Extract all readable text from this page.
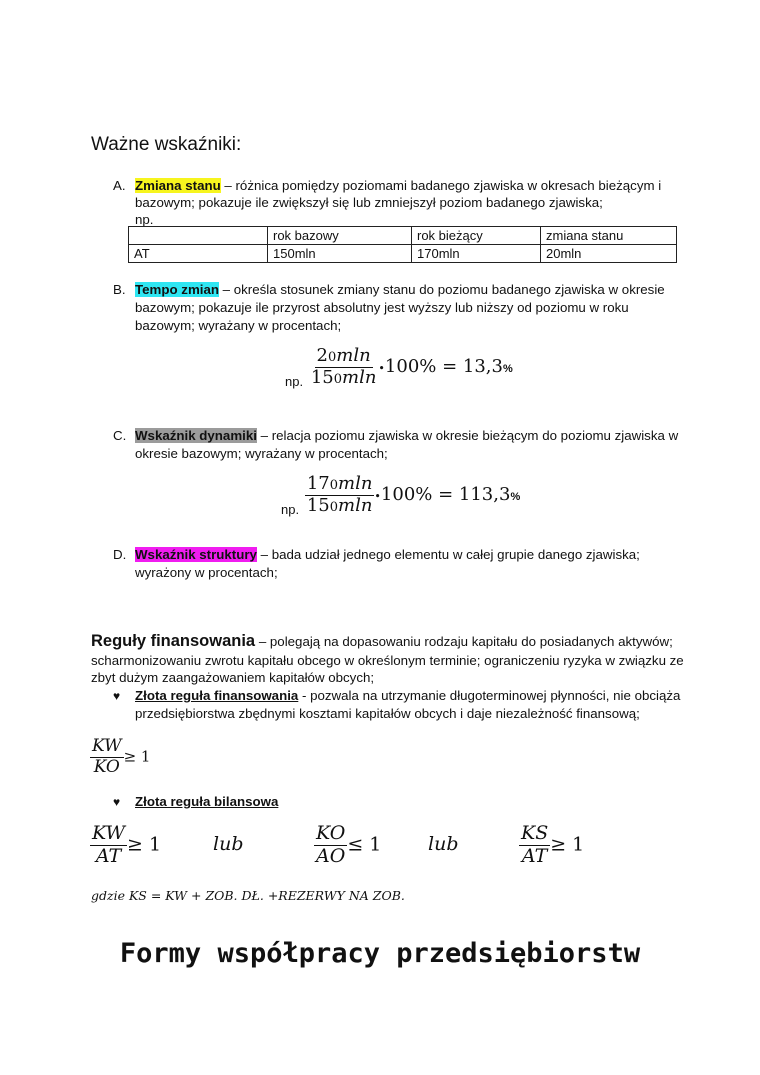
Ważne wskaźniki:
A. Zmiana stanu – różnica pomiędzy poziomami badanego zjawiska w okresach bieżącym i
bazowym; pokazuje ile zwiększył się lub zmniejszył poziom badanego zjawiska;
np.
	rok bazowy	rok bieżący	zmiana stanu
AT	150mln	170mln	20mln
B. Tempo zmian – określa stosunek zmiany stanu do poziomu badanego zjawiska w okresie
bazowym; pokazuje ile przyrost absolutny jest wyższy lub niższy od poziomu w roku
bazowym; wyrażany w procentach;
$_{np.} \frac{20mln}{150mln}$ •100% = 13,3%
C. Wskaźnik dynamiki – relacja poziomu zjawiska w okresie bieżącym do poziomu zjawiska w
okresie bazowym; wyrażany w procentach;
$_{np.} \frac{170mln}{150mln}$ •100% = 113,3%
D. Wskaźnik struktury – bada udział jednego elementu w całej grupie danego zjawiska;
wyrażony w procentach;
Reguły finansowania – polegają na dopasowaniu rodzaju kapitału do posiadanych aktywów;
scharmonizowaniu zwrotu kapitału obcego w określonym terminie; ograniczeniu ryzyka w związku ze
zbyt dużym zaangażowaniem kapitałów obcych;
♥ Złota reguła finansowania - pozwala na utrzymanie długoterminowej płynności, nie obciąża
przedsiębiorstwa zbędnymi kosztami kapitałów obcych i daje niezależność finansową;
$\frac{KW}{KO} \ge 1$
♥ Złota reguła bilansowa
$\frac{KW}{AT} \ge 1$	lub	$\frac{KO}{AO} \le 1$ lub	$\frac{KS}{AT} \ge 1$
gdzie KS = KW + ZOB. DŁ. +REZERWY NA ZOB.
Formy współpracy przedsiębiorstw
